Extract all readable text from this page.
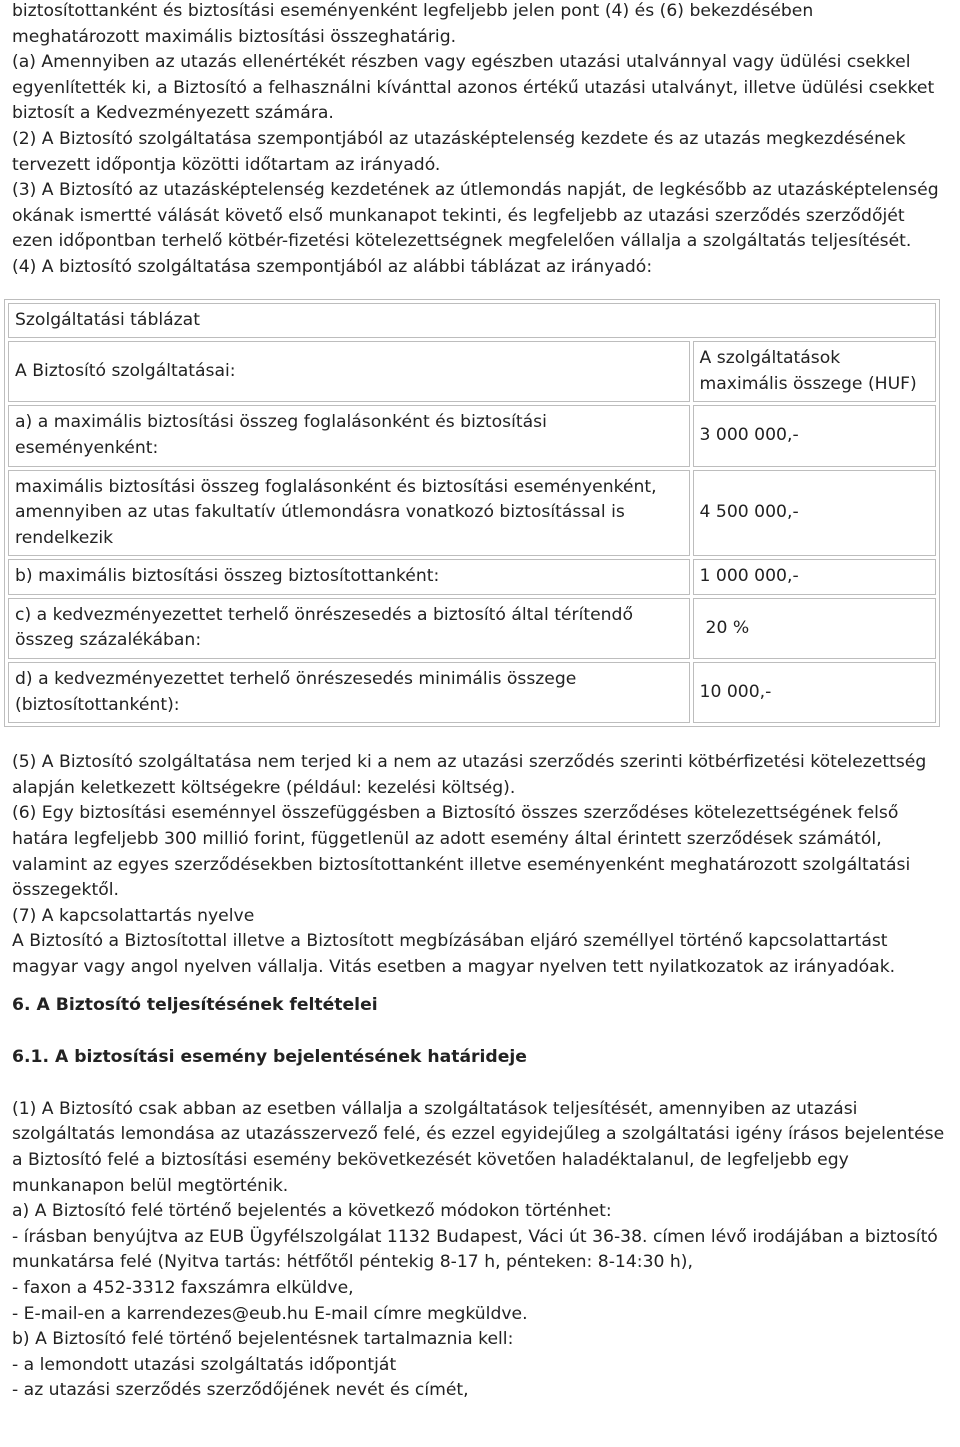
biztosítottanként és biztosítási eseményenként legfeljebb jelen pont (4) és (6) bekezdésében

meghatározott maximális biztosítási összeghatárig.

(a) Amennyiben az utazás ellenértékét részben vagy egészben utazási utalvánnyal vagy üdülési csekkel egyenlítették ki, a Biztosító a felhasználni kívánttal azonos értékű utazási utalványt, illetve üdülési csekket biztosít a Kedvezményezett számára.

(2) A Biztosító szolgáltatása szempontjából az utazásképtelenség kezdete és az utazás megkezdésének tervezett időpontja közötti időtartam az irányadó.

(3) A Biztosító az utazásképtelenség kezdetének az útlemondás napját, de legkésőbb az utazásképtelenség okának ismertté válását követő első munkanapot tekinti, és legfeljebb az utazási szerződés szerződőjét ezen időpontban terhelő kötbér-fizetési kötelezettségnek megfelelően vállalja a szolgáltatás teljesítését.

(4) A biztosító szolgáltatása szempontjából az alábbi táblázat az irányadó:

Szolgáltatási táblázat	
A Biztosító szolgáltatásai:	A szolgáltatások maximális összege (HUF)
a) a maximális biztosítási összeg foglalásonként és biztosítási eseményenként:	3 000 000,-
maximális biztosítási összeg foglalásonként és biztosítási eseményenként, amennyiben az utas fakultatív útlemondásra vonatkozó biztosítással is rendelkezik	4 500 000,-
b) maximális biztosítási összeg biztosítottanként:	1 000 000,-
c) a kedvezményezettet terhelő önrészesedés a biztosító által térítendő összeg százalékában:	20 %
d) a kedvezményezettet terhelő önrészesedés minimális összege (biztosítottanként):	10 000,-

(5) A Biztosító szolgáltatása nem terjed ki a nem az utazási szerződés szerinti kötbérfizetési kötelezettség alapján keletkezett költségekre (például: kezelési költség).

(6) Egy biztosítási eseménnyel összefüggésben a Biztosító összes szerződéses kötelezettségének felső határa legfeljebb 300 millió forint, függetlenül az adott esemény által érintett szerződések számától, valamint az egyes szerződésekben biztosítottanként illetve eseményenként meghatározott szolgáltatási összegektől.

(7) A kapcsolattartás nyelve

A Biztosító a Biztosítottal illetve a Biztosított megbízásában eljáró személlyel történő kapcsolattartást magyar vagy angol nyelven vállalja. Vitás esetben a magyar nyelven tett nyilatkozatok az irányadóak.

6. A Biztosító teljesítésének feltételei

6.1. A biztosítási esemény bejelentésének határideje

(1) A Biztosító csak abban az esetben vállalja a szolgáltatások teljesítését, amennyiben az utazási szolgáltatás lemondása az utazásszervező felé, és ezzel egyidejűleg a szolgáltatási igény írásos bejelentése a Biztosító felé a biztosítási esemény bekövetkezését követően haladéktalanul, de legfeljebb egy munkanapon belül megtörténik.

a) A Biztosító felé történő bejelentés a következő módokon történhet:

- írásban benyújtva az EUB Ügyfélszolgálat 1132 Budapest, Váci út 36-38. címen lévő irodájában a biztosító munkatársa felé (Nyitva tartás: hétfőtől péntekig 8-17 h, pénteken: 8-14:30 h),

- faxon a 452-3312 faxszámra elküldve,

- E-mail-en a karrendezes@eub.hu E-mail címre megküldve.

b) A Biztosító felé történő bejelentésnek tartalmaznia kell:

- a lemondott utazási szolgáltatás időpontját

- az utazási szerződés szerződőjének nevét és címét,
